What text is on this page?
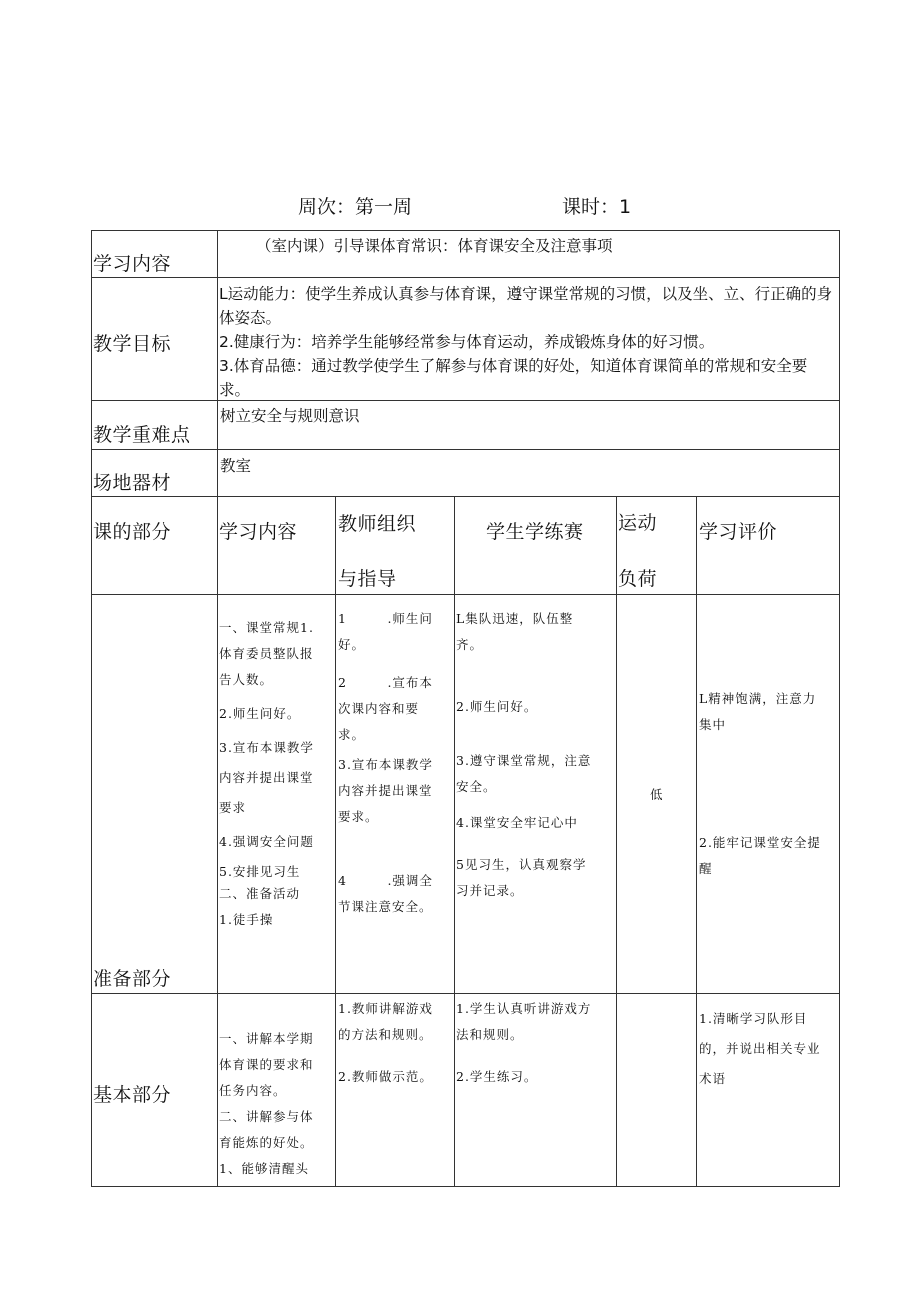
周次：第一周	课时：1
学习内容
（室内课）引导课体育常识：体育课安全及注意事项
教学目标
L运动能力：使学生养成认真参与体育课，遵守课堂常规的习惯，以及坐、立、行正确的身体姿态。
2.健康行为：培养学生能够经常参与体育运动，养成锻炼身体的好习惯。
3.体育品德：通过教学使学生了解参与体育课的好处，知道体育课简单的常规和安全要求。
教学重难点
树立安全与规则意识
场地器材
教室
课的部分	学习内容 教师组织
与指导
学生学练赛 运动
负荷
学习评价
准备部分

一、课堂常规1.

体育委员整队报

告人数。

2.师生问好。

3.宣布本课教学

内容并提出课堂

要求

4.强调安全问题

5.安排见习生

二、准备活动

1.徒手操

1　　　.师生问

好。

2　　　.宣布本

次课内容和要

求。

3.宣布本课教学

内容并提出课堂

要求。

4　　　.强调全

节课注意安全。

L集队迅速，队伍整

齐。

2.师生问好。

3.遵守课堂常规，注意

安全。

4.课堂安全牢记心中

5见习生，认真观察学

习并记录。

低

L精神饱满，注意力

集中

2.能牢记课堂安全提

醒

基本部分

一、讲解本学期

体育课的要求和

任务内容。

二、讲解参与体

育能炼的好处。

1、能够清醒头

1.教师讲解游戏

的方法和规则。

2.教师做示范。

1.学生认真听讲游戏方

法和规则。

2.学生练习。

1.清晰学习队形目

的，并说出相关专业

术语
